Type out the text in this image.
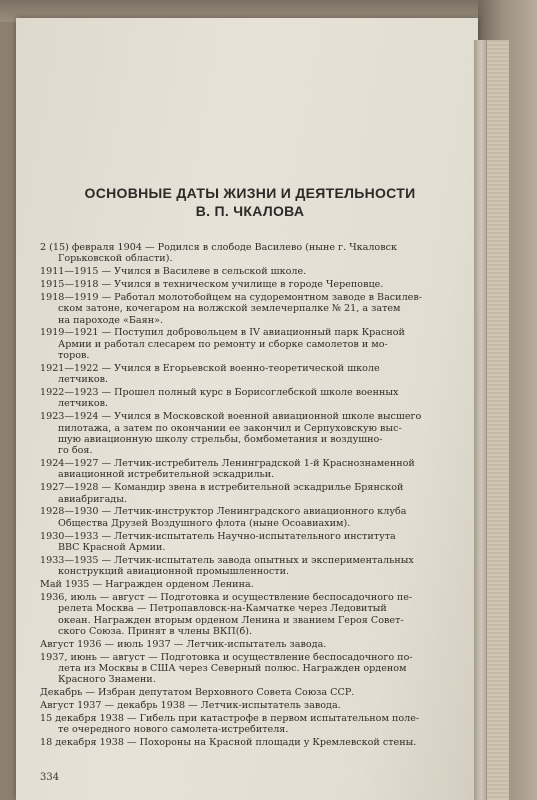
ОСНОВНЫЕ ДАТЫ ЖИЗНИ И ДЕЯТЕЛЬНОСТИ
В. П. ЧКАЛОВА
2 (15) февраля 1904 — Родился в слободе Василево (ныне г. Чкаловск
Горьковской области).
1911—1915 — Учился в Василеве в сельской школе.
1915—1918 — Учился в техническом училище в городе Череповце.
1918—1919 — Работал молотобойцем на судоремонтном заводе в Василев-
ском затоне, кочегаром на волжской землечерпалке № 21, а затем
на пароходе «Баян».
1919—1921 — Поступил добровольцем в IV авиационный парк Красной
Армии и работал слесарем по ремонту и сборке самолетов и мо-
торов.
1921—1922 — Учился в Егорьевской военно-теоретической школе
летчиков.
1922—1923 — Прошел полный курс в Борисоглебской школе военных
летчиков.
1923—1924 — Учился в Московской военной авиационной школе высшего
пилотажа, а затем по окончании ее закончил и Серпуховскую выс-
шую авиационную школу стрельбы, бомбометания и воздушно-
го боя.
1924—1927 — Летчик-истребитель Ленинградской 1-й Краснознаменной
авиационной истребительной эскадрильи.
1927—1928 — Командир звена в истребительной эскадрилье Брянской
авиабригады.
1928—1930 — Летчик-инструктор Ленинградского авиационного клуба
Общества Друзей Воздушного флота (ныне Осоавиахим).
1930—1933 — Летчик-испытатель Научно-испытательного института
ВВС Красной Армии.
1933—1935 — Летчик-испытатель завода опытных и экспериментальных
конструкций авиационной промышленности.
Май 1935 — Награжден орденом Ленина.
1936, июль — август — Подготовка и осуществление беспосадочного пе-
релета Москва — Петропавловск-на-Камчатке через Ледовитый
океан. Награжден вторым орденом Ленина и званием Героя Совет-
ского Союза. Принят в члены ВКП(б).
Август 1936 — июль 1937 — Летчик-испытатель завода.
1937, июнь — август — Подготовка и осуществление беспосадочного по-
лета из Москвы в США через Северный полюс. Награжден орденом
Красного Знамени.
Декабрь — Избран депутатом Верховного Совета Союза ССР.
Август 1937 — декабрь 1938 — Летчик-испытатель завода.
15 декабря 1938 — Гибель при катастрофе в первом испытательном поле-
те очередного нового самолета-истребителя.
18 декабря 1938 — Похороны на Красной площади у Кремлевской стены.
334
